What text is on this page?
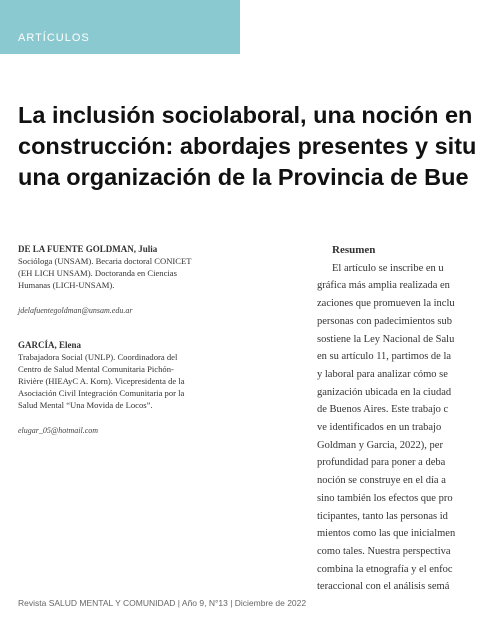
ARTÍCULOS
La inclusión sociolaboral, una noción en
construcción: abordajes presentes y situ
una organización de la Provincia de Bue
DE LA FUENTE GOLDMAN, Julia
Socióloga (UNSAM). Becaria doctoral CONICET
(EH LICH UNSAM). Doctoranda en Ciencias
Humanas (LICH-UNSAM).
jdelafuentegoldman@unsam.edu.ar
GARCÍA, Elena
Trabajadora Social (UNLP). Coordinadora del
Centro de Salud Mental Comunitaria Pichón-
Rivière (HIEAyC A. Korn). Vicepresidenta de la
Asociación Civil Integración Comunitaria por la
Salud Mental “Una Movida de Locos”.
elugar_05@hotmail.com
Resumen
El artículo se inscribe en u
gráfica más amplia realizada en
zaciones que promueven la inclu
personas con padecimientos sub
sostiene la Ley Nacional de Salu
en su artículo 11, partimos de la
y laboral para analizar cómo se
ganización ubicada en la ciudad
de Buenos Aires. Este trabajo c
ve identificados en un trabajo
Goldman y Garcia, 2022), per
profundidad para poner a deba
noción se construye en el día a
sino también los efectos que pro
ticipantes, tanto las personas id
mientos como las que inicialmen
como tales. Nuestra perspectiva
combina la etnografía y el enfoc
teraccional con el análisis semá
Revista SALUD MENTAL Y COMUNIDAD | Año 9, N°13 | Diciembre de 2022
